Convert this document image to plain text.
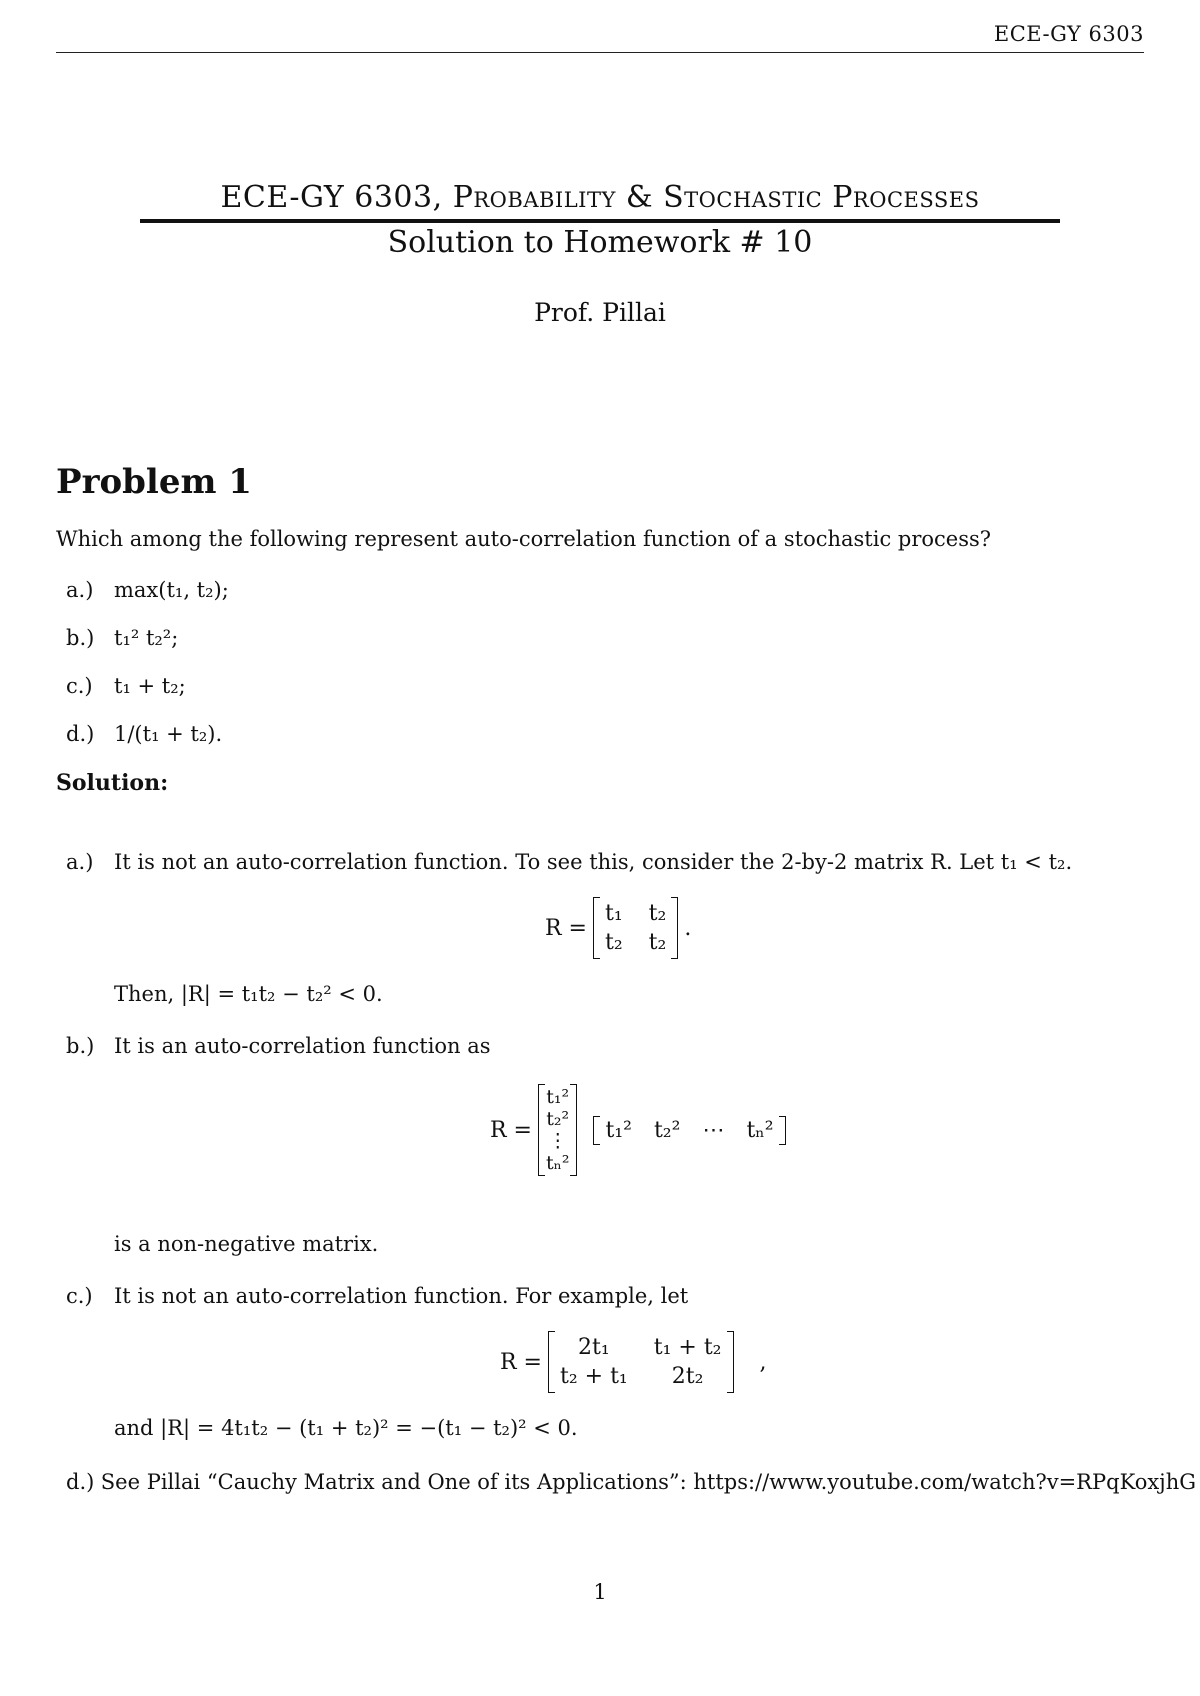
ECE-GY 6303
ECE-GY 6303, Probability & Stochastic Processes
Solution to Homework # 10
Prof. Pillai
Problem 1
Which among the following represent auto-correlation function of a stochastic process?
a.) max(t₁, t₂);
b.) t₁² t₂²;
c.)	t₁ + t₂;
d.) 1/(t₁ + t₂).
Solution:
a.) It is not an auto-correlation function. To see this, consider the 2-by-2 matrix R. Let t₁ < t₂.
R =
t₁ t₂
t₂ t₂
.
Then, |R| = t₁t₂ − t₂² < 0.
b.) It is an auto-correlation function as
R =
t₁²
t₂²
⋮
tₙ²
t₁² t₂² ⋯ tₙ²
is a non-negative matrix.
c.)	It is not an auto-correlation function. For example, let
R =
2t₁	t₁ + t₂
t₂ + t₁	2t₂
,
and |R| = 4t₁t₂ − (t₁ + t₂)² = −(t₁ − t₂)² < 0.
d.) See Pillai “Cauchy Matrix and One of its Applications”: https://www.youtube.com/watch?v=RPqKoxjhG
1
